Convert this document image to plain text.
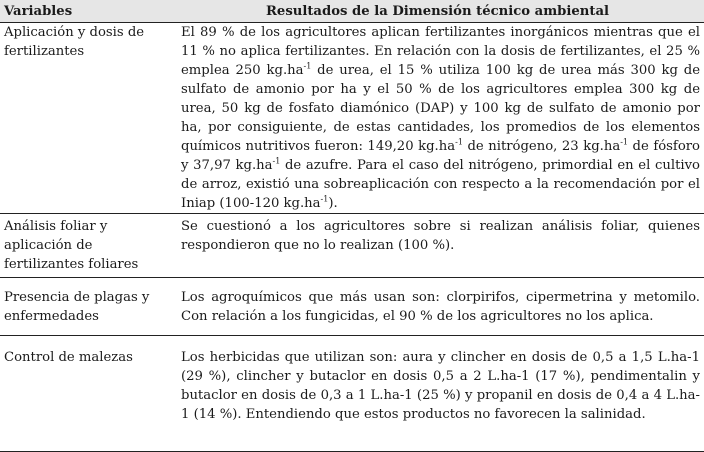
Variables	Resultados de la Dimensión técnico ambiental
Aplicación y dosis de fertilizantes	El 89 % de los agricultores aplican fertilizantes inorgánicos mientras que el 11 % no aplica fertilizantes. En relación con la dosis de fertilizantes, el 25 % emplea 250 $kg.ha^{-1}$ de urea, el 15 % utiliza 100 kg de urea más 300 kg de sulfato de amonio por ha y el 50 % de los agricultores emplea 300 kg de urea, 50 kg de fosfato diamónico (DAP) y 100 kg de sulfato de amonio por ha, por consiguiente, de estas cantidades, los promedios de los elementos químicos nutritivos fueron: 149,20 $kg.ha^{-1}$ de nitrógeno, 23 $kg.ha^{-1}$ de fósforo y 37,97 $kg.ha^{-1}$ de azufre. Para el caso del nitrógeno, primordial en el cultivo de arroz, existió una sobreaplicación con respecto a la recomendación por el Iniap (100-120 $kg.ha^{-1}$).
Análisis foliar y aplicación de fertilizantes foliares	Se cuestionó a los agricultores sobre si realizan análisis foliar, quienes respondieron que no lo realizan (100 %).
Presencia de plagas y enfermedades	Los agroquímicos que más usan son: clorpirifos, cipermetrina y metomilo. Con relación a los fungicidas, el 90 % de los agricultores no los aplica.
Control de malezas	Los herbicidas que utilizan son: aura y clincher en dosis de 0,5 a 1,5 L.ha-1 (29 %), clincher y butaclor en dosis 0,5 a 2 L.ha-1 (17 %), pendimentalin y butaclor en dosis de 0,3 a 1 L.ha-1 (25 %) y propanil en dosis de 0,4 a 4 L.ha-1 (14 %). Entendiendo que estos productos no favorecen la salinidad.
